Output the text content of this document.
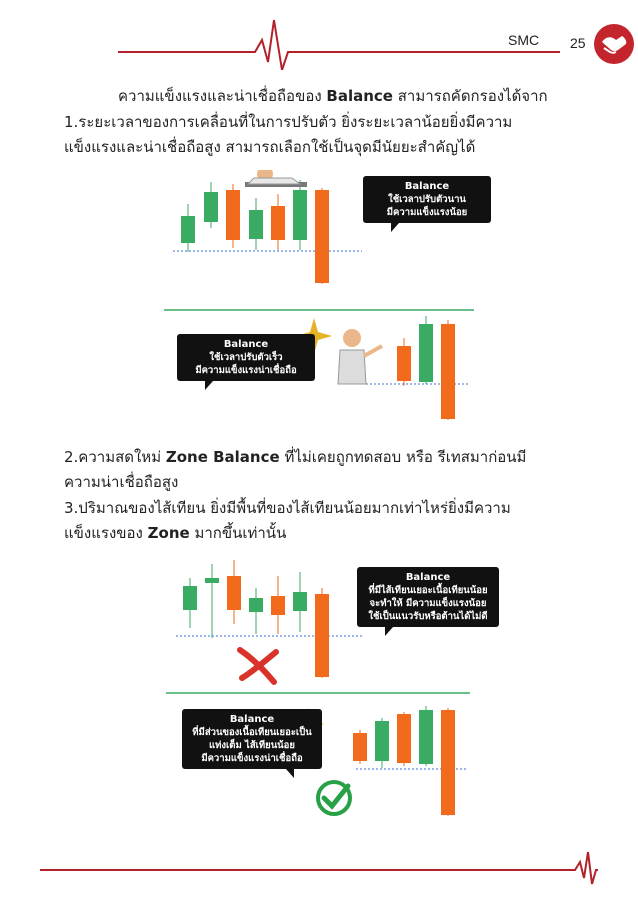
SMC 25
ความแข็งแรงและน่าเชื่อถือของ Balance สามารถคัดกรองได้จาก
1.ระยะเวลาของการเคลื่อนที่ในการปรับตัว ยิ่งระยะเวลาน้อยยิ่งมีความ
แข็งแรงและน่าเชื่อถือสูง สามารถเลือกใช้เป็นจุดมีนัยยะสำคัญได้
Balance
ใช้เวลาปรับตัวนาน
มีความแข็งแรงน้อย
Balance
ใช้เวลาปรับตัวเร็ว
มีความแข็งแรงน่าเชื่อถือ
2.ความสดใหม่ Zone Balance ที่ไม่เคยถูกทดสอบ หรือ รีเทสมาก่อนมี
ความน่าเชื่อถือสูง
3.ปริมาณของไส้เทียน ยิ่งมีพื้นที่ของไส้เทียนน้อยมากเท่าไหร่ยิ่งมีความ
แข็งแรงของ Zone มากขึ้นเท่านั้น
Balance
ที่มีไส้เทียนเยอะเนื้อเทียนน้อย
จะทำให้ มีความแข็งแรงน้อย
ใช้เป็นแนวรับหรือต้านได้ไม่ดี
Balance
ที่มีส่วนของเนื้อเทียนเยอะเป็น
แท่งเต็ม ไส้เทียนน้อย
มีความแข็งแรงน่าเชื่อถือ
